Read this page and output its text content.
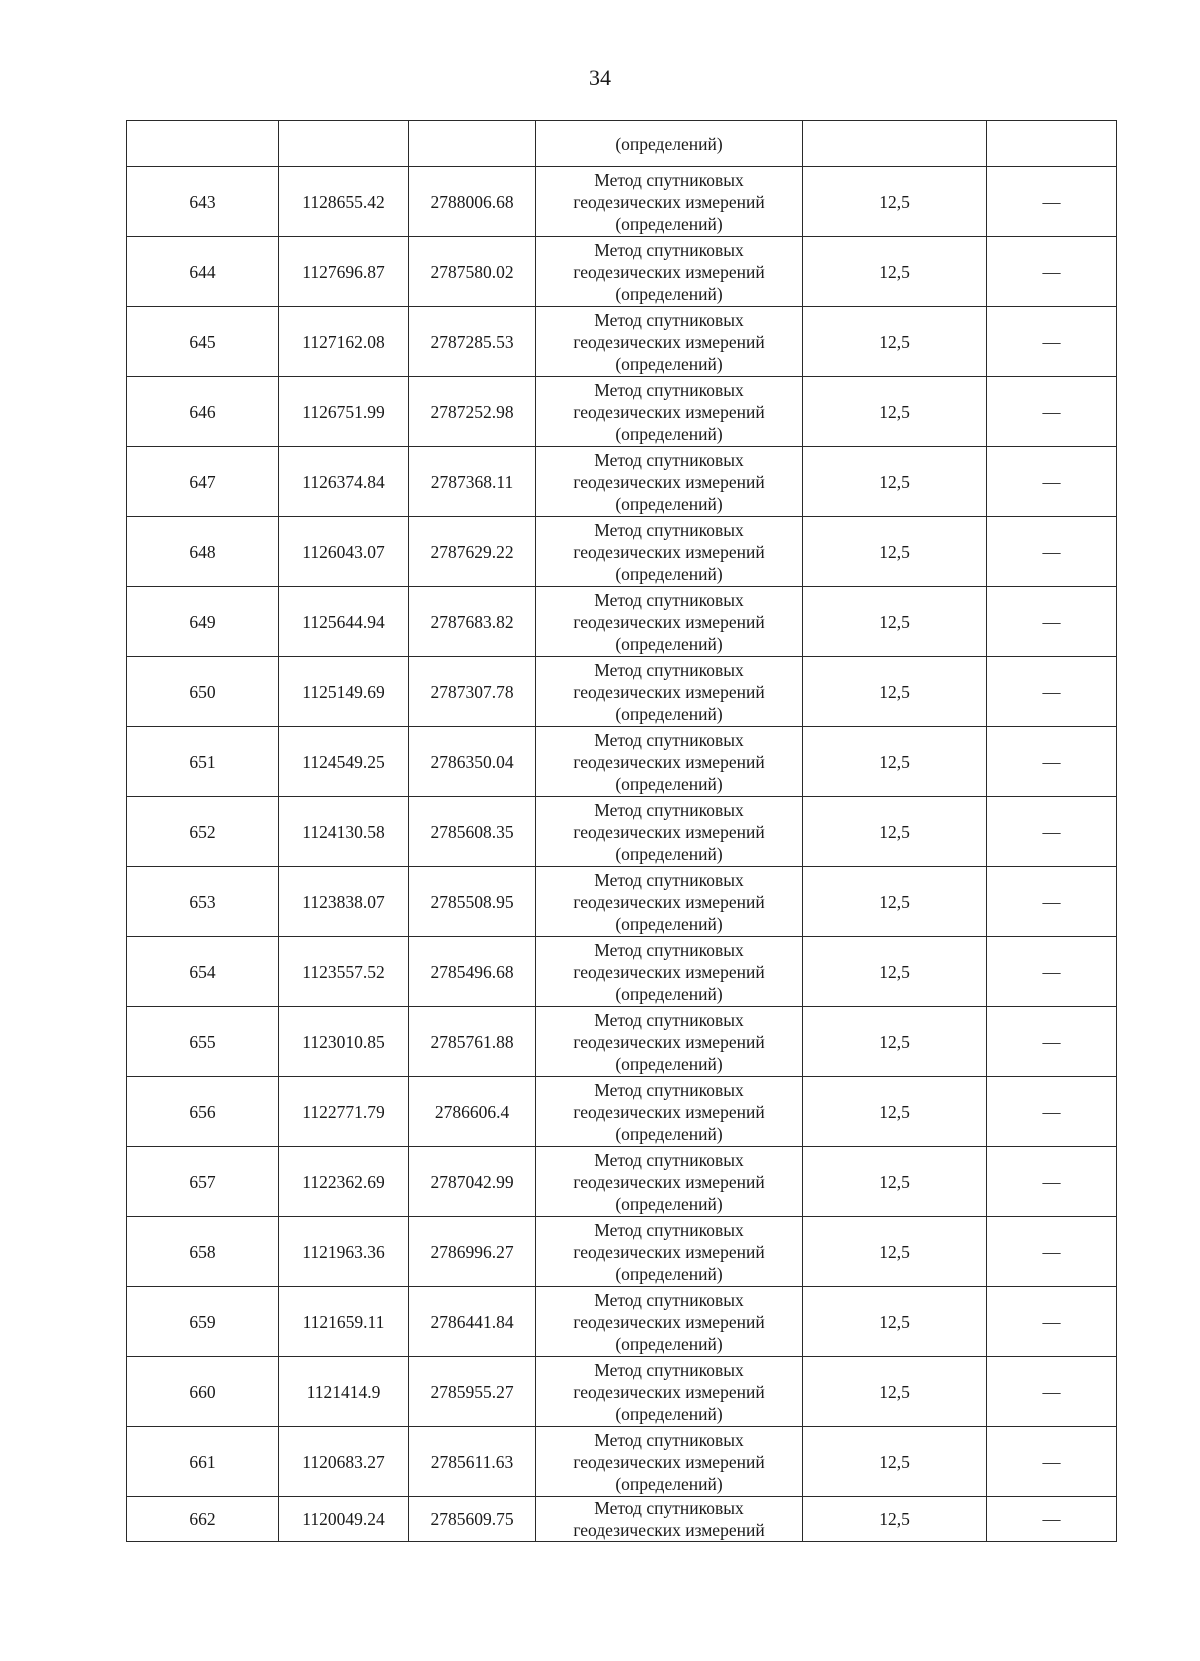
34

			(определений)		

643	1128655.42	2788006.68	Метод спутниковых
геодезических измерений
(определений)	12,5	—
644	1127696.87	2787580.02	Метод спутниковых
геодезических измерений
(определений)	12,5	—
645	1127162.08	2787285.53	Метод спутниковых
геодезических измерений
(определений)	12,5	—
646	1126751.99	2787252.98	Метод спутниковых
геодезических измерений
(определений)	12,5	—
647	1126374.84	2787368.11	Метод спутниковых
геодезических измерений
(определений)	12,5	—
648	1126043.07	2787629.22	Метод спутниковых
геодезических измерений
(определений)	12,5	—
649	1125644.94	2787683.82	Метод спутниковых
геодезических измерений
(определений)	12,5	—
650	1125149.69	2787307.78	Метод спутниковых
геодезических измерений
(определений)	12,5	—
651	1124549.25	2786350.04	Метод спутниковых
геодезических измерений
(определений)	12,5	—
652	1124130.58	2785608.35	Метод спутниковых
геодезических измерений
(определений)	12,5	—
653	1123838.07	2785508.95	Метод спутниковых
геодезических измерений
(определений)	12,5	—
654	1123557.52	2785496.68	Метод спутниковых
геодезических измерений
(определений)	12,5	—
655	1123010.85	2785761.88	Метод спутниковых
геодезических измерений
(определений)	12,5	—
656	1122771.79	2786606.4	Метод спутниковых
геодезических измерений
(определений)	12,5	—
657	1122362.69	2787042.99	Метод спутниковых
геодезических измерений
(определений)	12,5	—
658	1121963.36	2786996.27	Метод спутниковых
геодезических измерений
(определений)	12,5	—
659	1121659.11	2786441.84	Метод спутниковых
геодезических измерений
(определений)	12,5	—
660	1121414.9	2785955.27	Метод спутниковых
геодезических измерений
(определений)	12,5	—
661	1120683.27	2785611.63	Метод спутниковых
геодезических измерений
(определений)	12,5	—
662	1120049.24	2785609.75	Метод спутниковых
геодезических измерений	12,5	—
